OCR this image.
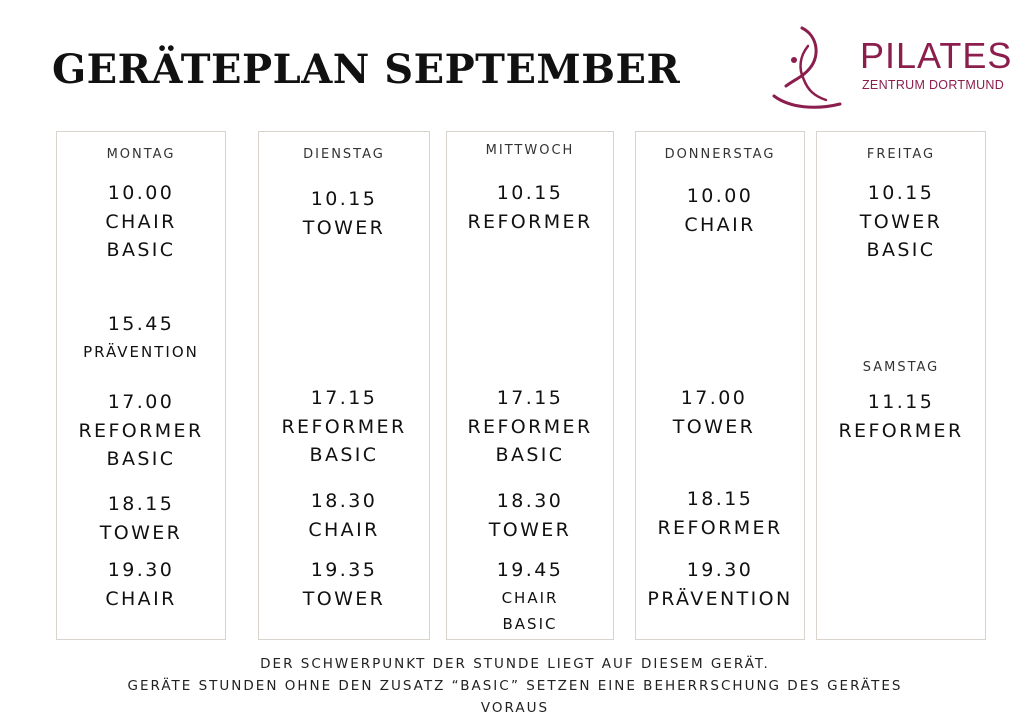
GERÄTEPLAN SEPTEMBER	PILATES
ZENTRUM DORTMUND
MONTAG
10.00
CHAIR
BASIC
15.45
PRÄVENTION
17.00
REFORMER
BASIC
18.15
TOWER
19.30
CHAIR
DIENSTAG
10.15
TOWER
17.15
REFORMER
BASIC
18.30
CHAIR
19.35
TOWER
MITTWOCH
10.15
REFORMER
17.15
REFORMER
BASIC
18.30
TOWER
19.45
CHAIR
BASIC
DONNERSTAG
10.00
CHAIR
17.00
TOWER
18.15
REFORMER
19.30
PRÄVENTION
FREITAG
10.15
TOWER
BASIC
SAMSTAG
11.15
REFORMER
DER SCHWERPUNKT DER STUNDE LIEGT AUF DIESEM GERÄT.
GERÄTE STUNDEN OHNE DEN ZUSATZ “BASIC” SETZEN EINE BEHERRSCHUNG DES GERÄTES
VORAUS
